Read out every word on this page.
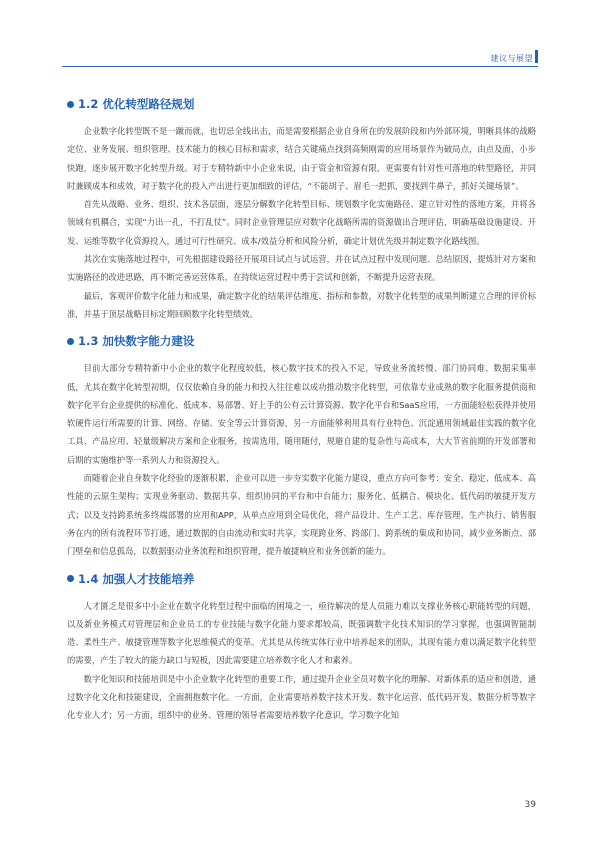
建议与展望
1.2 优化转型路径规划

企业数字化转型既不是一蹴而就，也切忌全线出击，而是需要根据企业自身所在的发展阶段和内外部环境，明晰具体的战略定位、业务发展、组织管理、技术能力的核心目标和需求，结合关键痛点找到高频刚需的应用场景作为破局点，由点及面，小步快跑，逐步展开数字化转型升级。对于专精特新中小企业来说，由于资金和资源有限，更需要有针对性可落地的转型路径，并同时兼顾成本和成效，对于数字化的投入产出进行更加细致的评估，“不能胡子、眉毛一把抓，要找到牛鼻子，抓好关键场景”。

首先从战略、业务、组织、技术各层面，逐层分解数字化转型目标、规划数字化实施路径、建立针对性的落地方案，并将各领域有机耦合，实现“力出一孔，不打乱仗”。同时企业管理层应对数字化战略所需的资源做出合理评估，明确基础设施建设、开发、运维等数字化资源投入，通过可行性研究、成本/效益分析和风险分析，确定计划优先级并制定数字化路线图。

其次在实施落地过程中，可先根据建设路径开展项目试点与试运营，并在试点过程中发现问题、总结原因，提炼针对方案和实施路径的改进思路，再不断完善运营体系，在持续运营过程中勇于尝试和创新，不断提升运营表现。

最后，客观评价数字化能力和成果，确定数字化的结果评估维度、指标和参数，对数字化转型的成果判断建立合理的评价标准，并基于顶层战略目标定期回顾数字化转型绩效。

1.3 加快数字能力建设

目前大部分专精特新中小企业的数字化程度较低，核心数字技术的投入不足，导致业务流转慢、部门协同难、数据采集率低，尤其在数字化转型初期，仅仅依赖自身的能力和投入往往难以成功推动数字化转型，可依靠专业成熟的数字化服务提供商和数字化平台企业提供的标准化、低成本、易部署、好上手的公有云计算资源、数字化平台和SaaS应用，一方面能轻松获得并使用软硬件运行所需要的计算、网络、存储、安全等云计算资源，另一方面能够利用具有行业特色、沉淀通用领域最佳实践的数字化工具、产品应用、轻量级解决方案和企业服务，按需选用，随用随付，规避自建的复杂性与高成本，大大节省前期的开发部署和后期的实施维护等一系列人力和资源投入。

而随着企业自身数字化经验的逐渐积累，企业可以进一步夯实数字化能力建设，重点方向可参考：安全、稳定、低成本、高性能的云原生架构；实现业务驱动、数据共享、组织协同的平台和中台能力；服务化、低耦合、模块化、低代码的敏捷开发方式；以及支持跨系统多终端部署的应用和APP，从单点应用到全局优化，将产品设计、生产工艺、库存管理、生产执行、销售服务在内的所有流程环节打通，通过数据的自由流动和实时共享，实现跨业务、跨部门、跨系统的集成和协同，减少业务断点、部门壁垒和信息孤岛，以数据驱动业务流程和组织管理，提升敏捷响应和业务创新的能力。

1.4 加强人才技能培养

人才匮乏是很多中小企业在数字化转型过程中面临的困境之一，亟待解决的是人员能力难以支撑业务核心职能转型的问题，以及新业务模式对管理层和企业员工的专业技能与数字化能力要求都较高，既强调数字化技术知识的学习掌握，也强调智能制造、柔性生产、敏捷管理等数字化思维模式的变革。尤其是从传统实体行业中培养起来的团队，其现有能力难以满足数字化转型的需要，产生了较大的能力缺口与短板，因此需要建立培养数字化人才和素养。

数字化知识和技能培训是中小企业数字化转型的重要工作，通过提升企业全员对数字化的理解、对新体系的适应和创造，通过数字化文化和技能建设，全面拥抱数字化。一方面，企业需要培养数字技术开发、数字化运营、低代码开发、数据分析等数字化专业人才；另一方面，组织中的业务、管理的领导者需要培养数字化意识，学习数字化知

39
